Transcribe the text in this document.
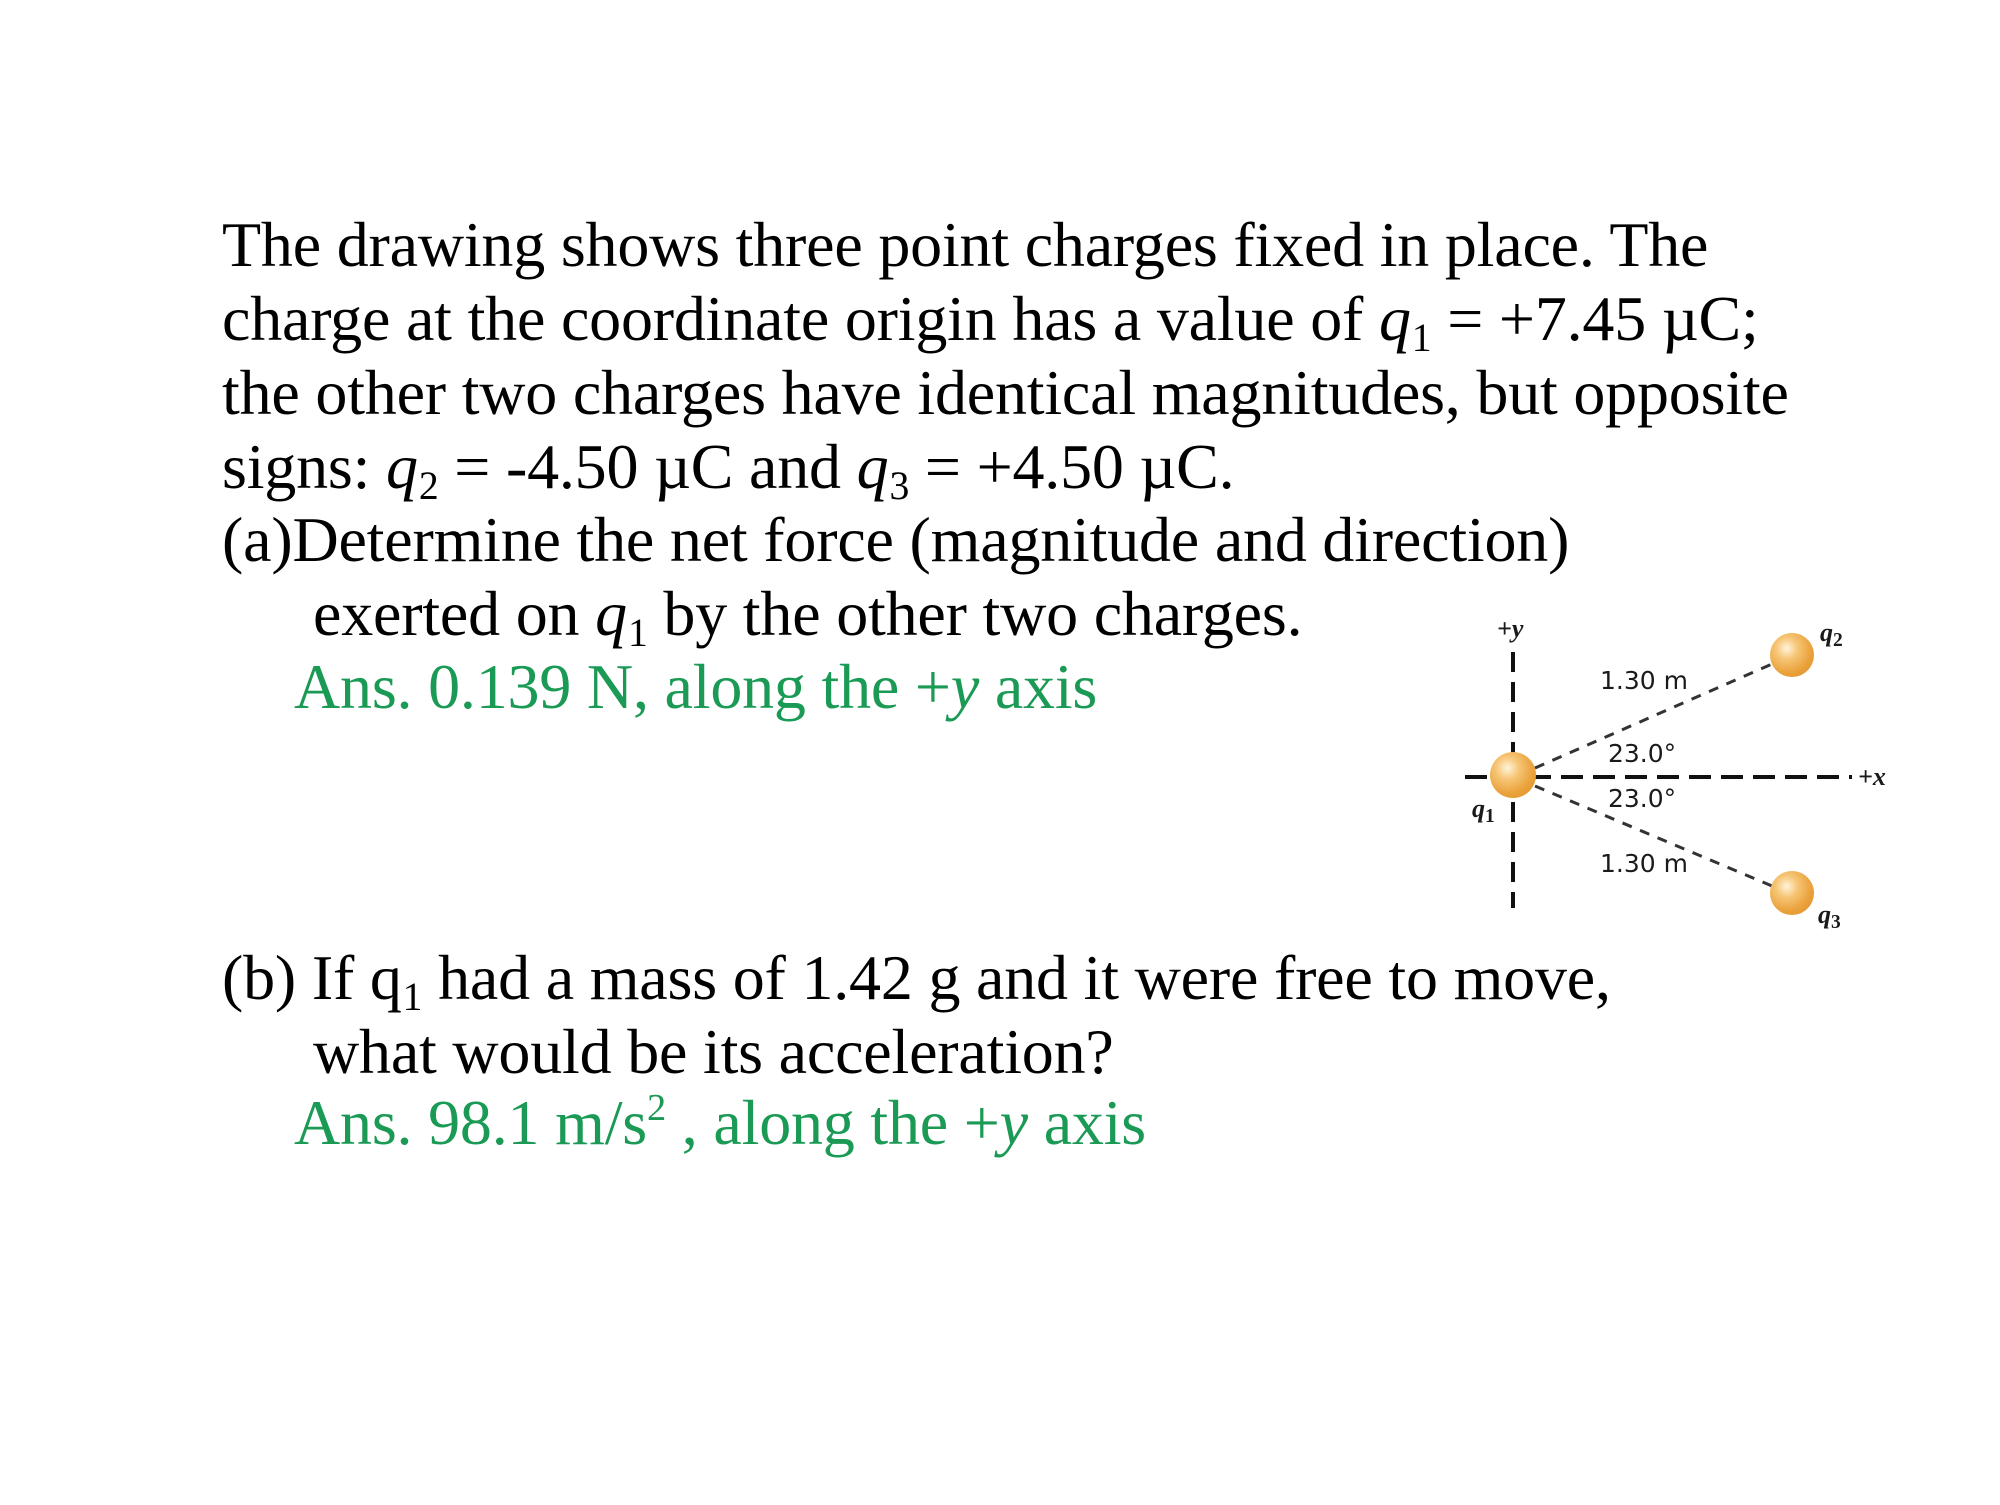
The drawing shows three point charges fixed in place. The
charge at the coordinate origin has a value of $q_1 = +7.45$ µC;
the other two charges have identical magnitudes, but opposite
signs: $q_2 = -4.50$ µC and $q_3 = +4.50$ µC.
(a)Determine the net force (magnitude and direction)
exerted on $q_1$ by the other two charges.
Ans. 0.139 N, along the +y axis
(b) If $q_1$ had a mass of 1.42 g and it were free to move,
what would be its acceleration?
Ans. 98.1 $m/s^2$ , along the +y axis
+y
+x
$q_1$
$q_2$
$q_3$
1.30 m
23.0°
23.0°
1.30 m
